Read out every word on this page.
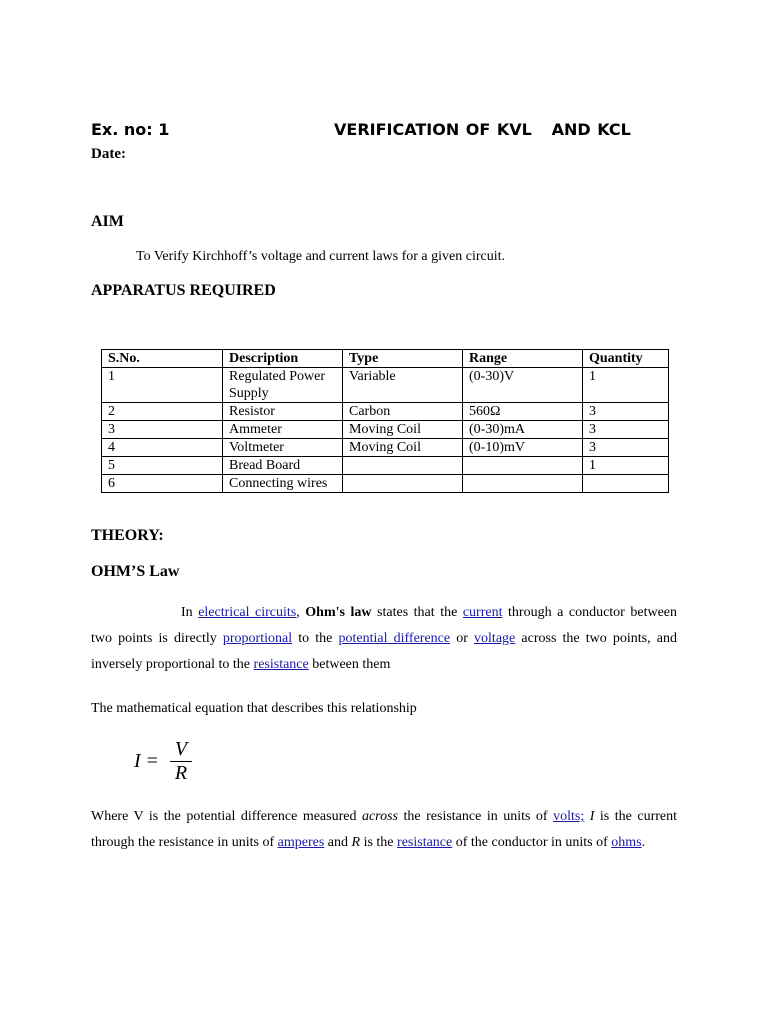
Ex. no: 1	VERIFICATION OF KVL   AND KCL
Date:
AIM
To Verify Kirchhoff’s voltage and current laws for a given circuit.
APPARATUS REQUIRED
S.No.	Description	Type	Range	Quantity
1	Regulated Power Supply	Variable	(0-30)V	1
2	Resistor	Carbon	560Ω	3
3	Ammeter	Moving Coil	(0-30)mA	3
4	Voltmeter	Moving Coil	(0-10)mV	3
5	Bread Board			1
6	Connecting wires			
THEORY:
OHM’S Law
In electrical circuits, Ohm's law states that the current through a conductor between two points is directly proportional to the potential difference or voltage across the two points, and inversely proportional to the resistance between them
The mathematical equation that describes this relationship
$I = \frac{V}{R}$
Where V is the potential difference measured across the resistance in units of volts; I is the current through the resistance in units of amperes and R is the resistance of the conductor in units of ohms.
